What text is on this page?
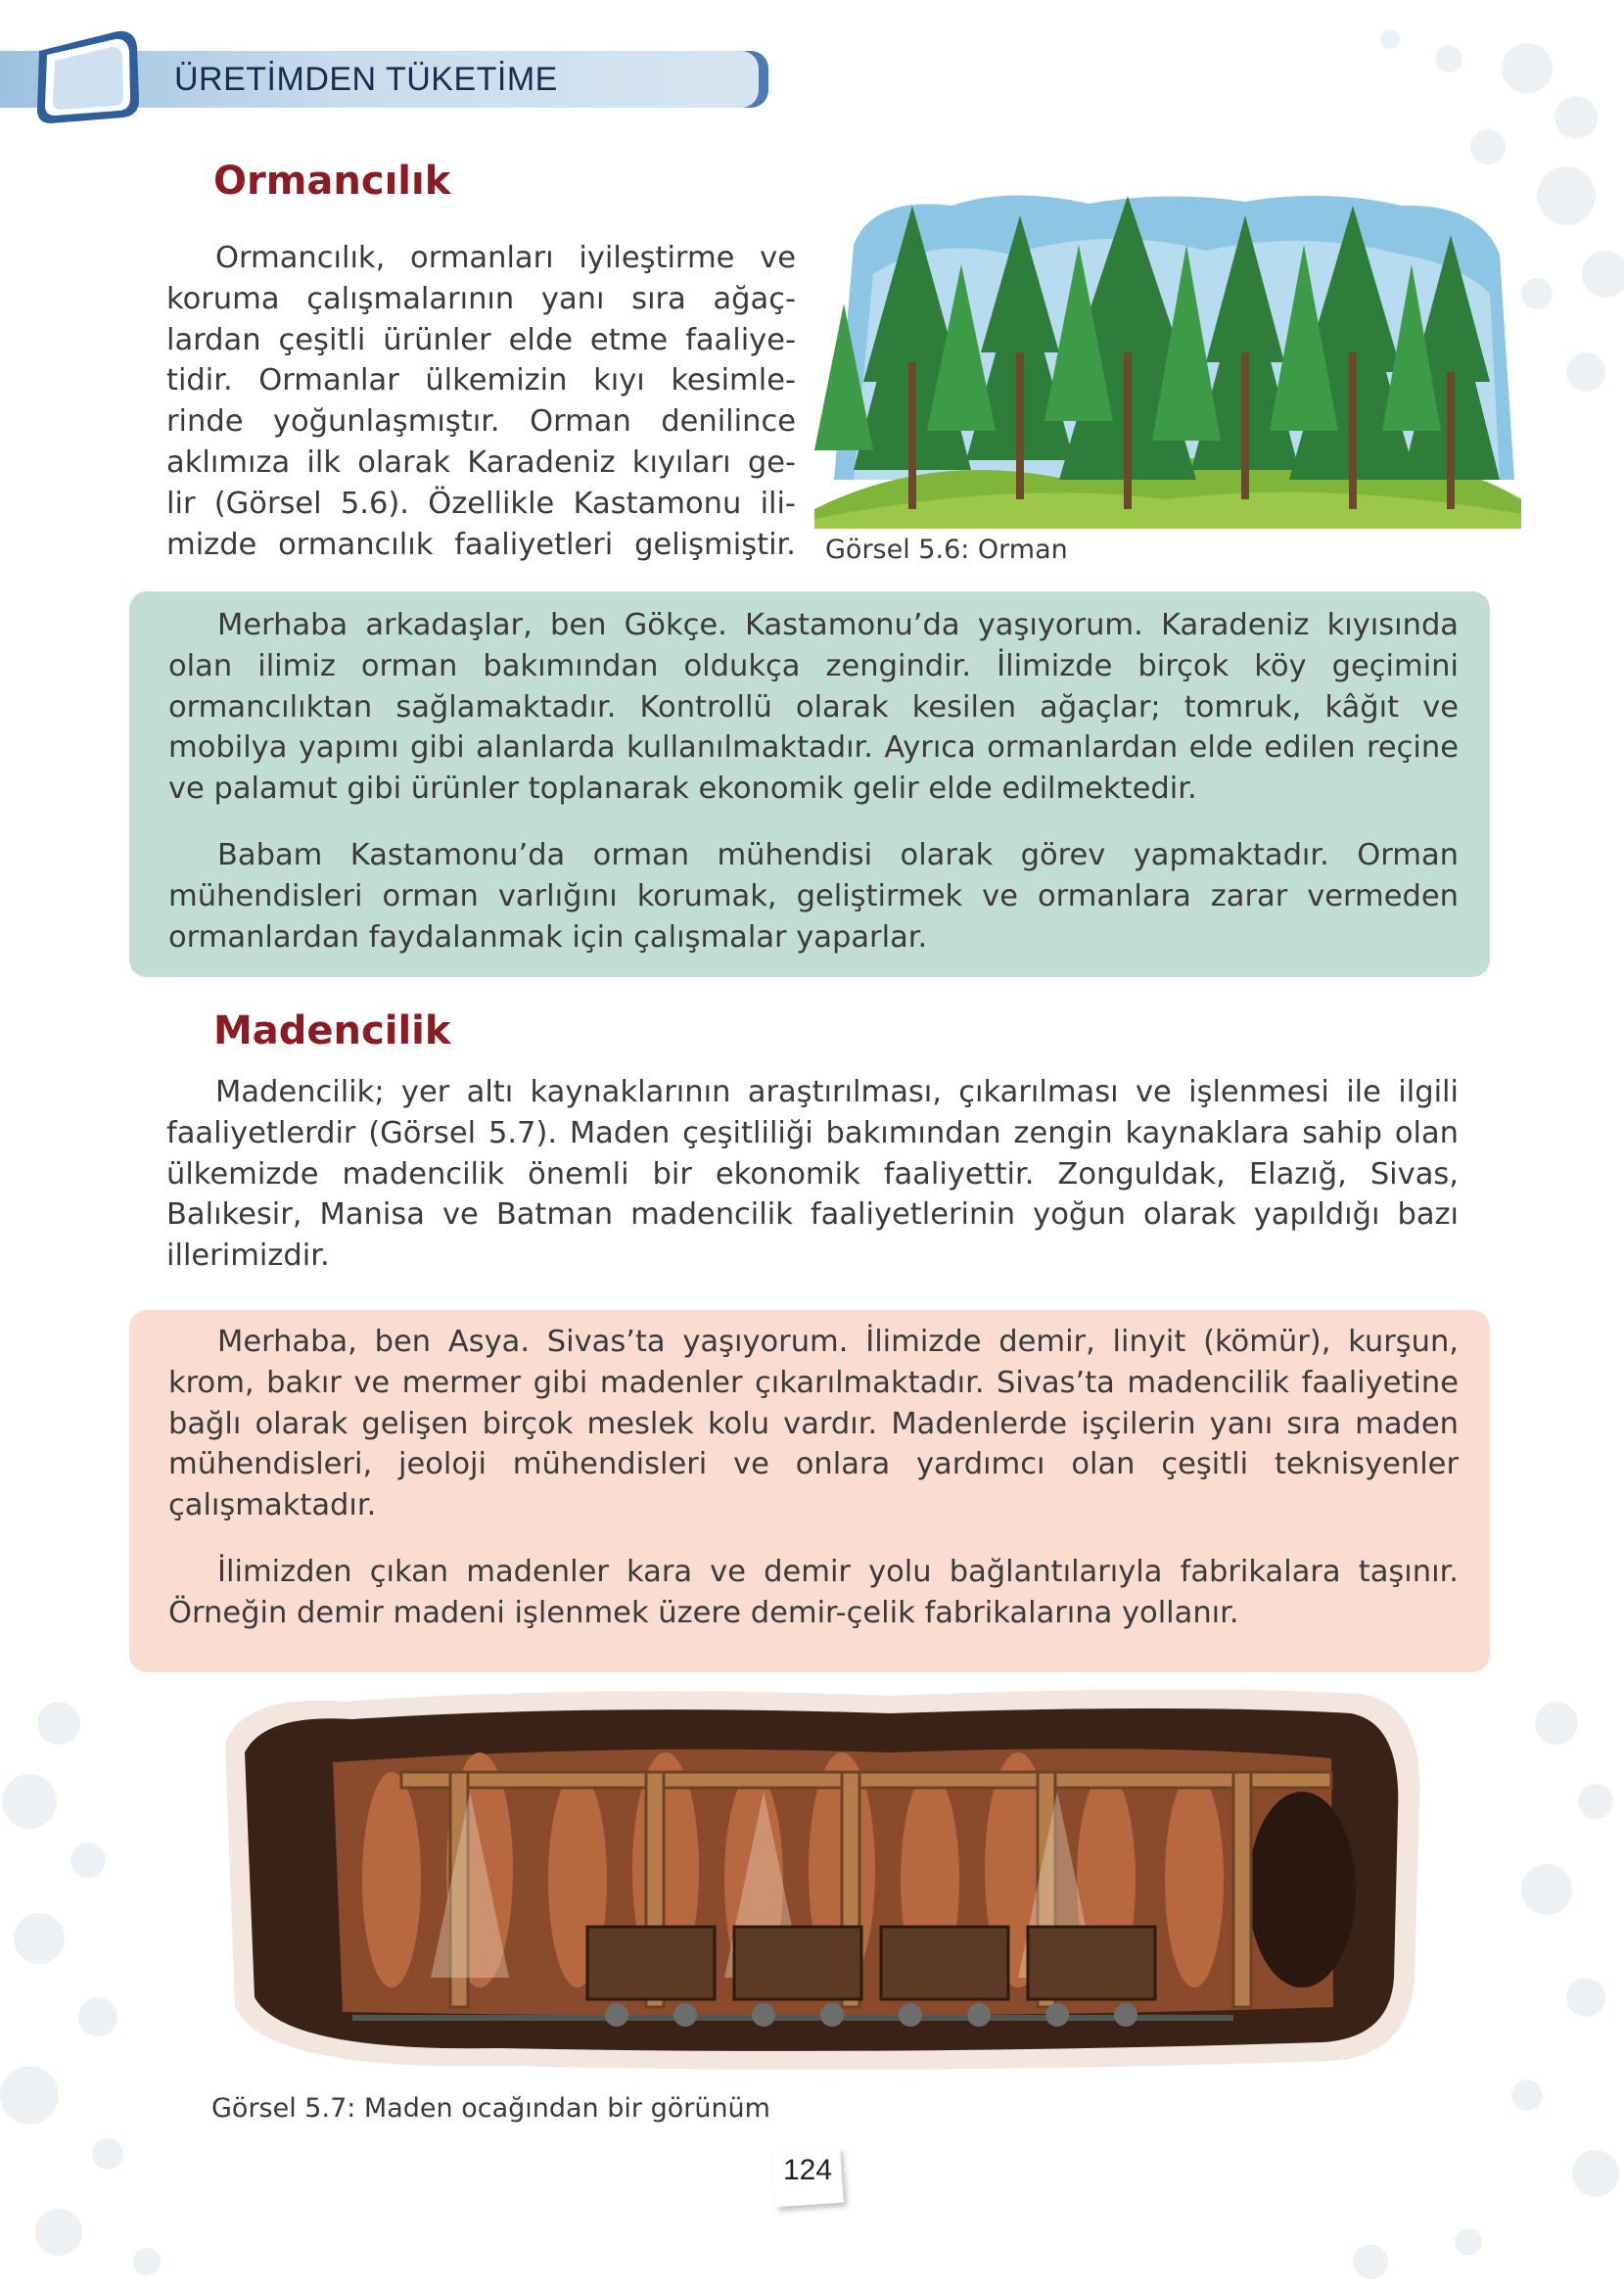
ÜRETİMDEN TÜKETİME
Ormancılık
Ormancılık, ormanları iyileştirme ve
koruma çalışmalarının yanı sıra ağaç-
lardan çeşitli ürünler elde etme faaliye-
tidir. Ormanlar ülkemizin kıyı kesimle-
rinde yoğunlaşmıştır. Orman denilince
aklımıza ilk olarak Karadeniz kıyıları ge-
lir (Görsel 5.6). Özellikle Kastamonu ili-
mizde ormancılık faaliyetleri gelişmiştir. Görsel 5.6: Orman

Merhaba arkadaşlar, ben Gökçe. Kastamonu’da yaşıyorum. Karadeniz kıyısında olan ilimiz orman bakımından oldukça zengindir. İlimizde birçok köy geçimini ormancılıktan sağlamaktadır. Kontrollü olarak kesilen ağaçlar; tomruk, kâğıt ve mobilya yapımı gibi alanlarda kullanılmaktadır. Ayrıca ormanlardan elde edilen reçine ve palamut gibi ürünler toplanarak ekonomik gelir elde edilmektedir.

Babam Kastamonu’da orman mühendisi olarak görev yapmaktadır. Orman mühendisleri orman varlığını korumak, geliştirmek ve ormanlara zarar vermeden ormanlardan faydalanmak için çalışmalar yaparlar.

Madencilik

Madencilik; yer altı kaynaklarının araştırılması, çıkarılması ve işlenmesi ile ilgili faaliyetlerdir (Görsel 5.7). Maden çeşitliliği bakımından zengin kaynaklara sahip olan ülkemizde madencilik önemli bir ekonomik faaliyettir. Zonguldak, Elazığ, Sivas, Balıkesir, Manisa ve Batman madencilik faaliyetlerinin yoğun olarak yapıldığı bazı illerimizdir.

Merhaba, ben Asya. Sivas’ta yaşıyorum. İlimizde demir, linyit (kömür), kurşun, krom, bakır ve mermer gibi madenler çıkarılmaktadır. Sivas’ta madencilik faaliyetine bağlı olarak gelişen birçok meslek kolu vardır. Madenlerde işçilerin yanı sıra maden mühendisleri, jeoloji mühendisleri ve onlara yardımcı olan çeşitli teknisyenler çalışmaktadır.

İlimizden çıkan madenler kara ve demir yolu bağlantılarıyla fabrikalara taşınır. Örneğin demir madeni işlenmek üzere demir-çelik fabrikalarına yollanır.

Görsel 5.7: Maden ocağından bir görünüm
124
